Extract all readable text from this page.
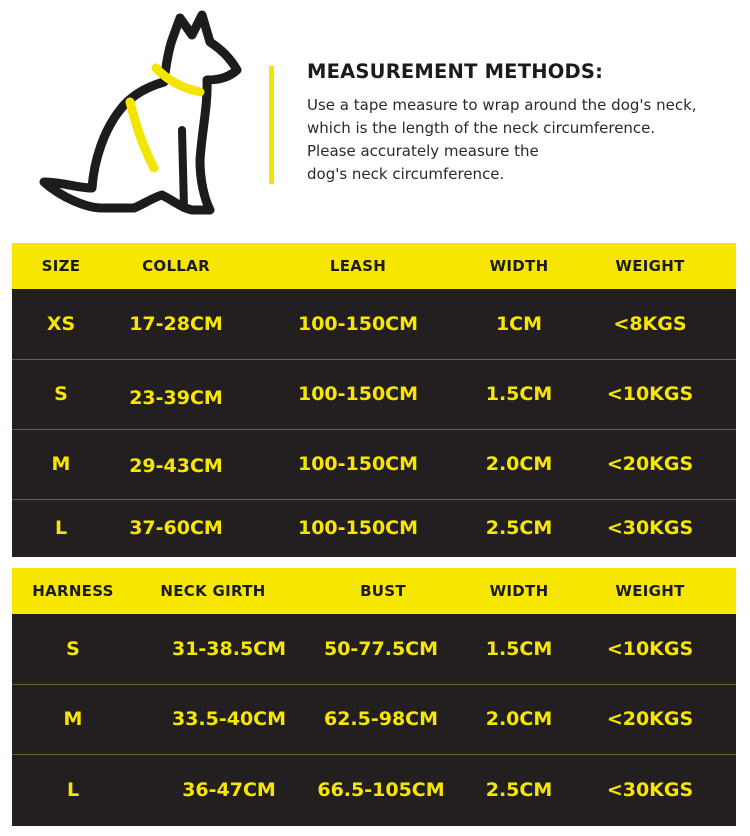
MEASUREMENT METHODS:
Use a tape measure to wrap around the dog's neck,
which is the length of the neck circumference.
Please accurately measure the
dog's neck circumference.
SIZE	COLLAR	LEASH	WIDTH	WEIGHT
XS	17-28CM	100-150CM	1CM	<8KGS
S	23-39CM	100-150CM	1.5CM	<10KGS
M	29-43CM	100-150CM	2.0CM	<20KGS
L	37-60CM	100-150CM	2.5CM	<30KGS
HARNESS	NECK GIRTH	BUST	WIDTH	WEIGHT
S	31-38.5CM	50-77.5CM	1.5CM	<10KGS
M	33.5-40CM	62.5-98CM	2.0CM	<20KGS
L	36-47CM	66.5-105CM	2.5CM	<30KGS
